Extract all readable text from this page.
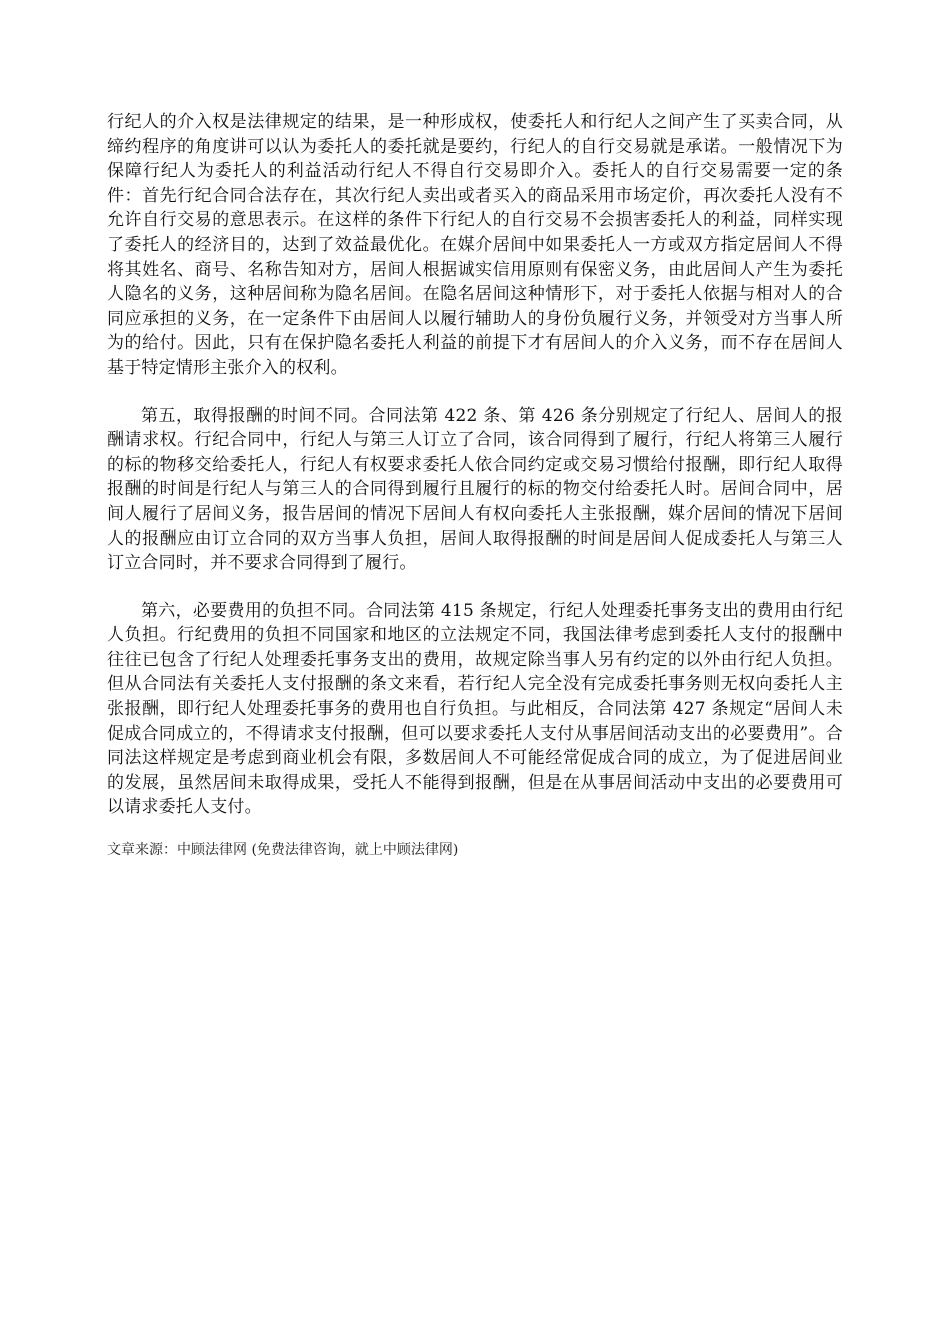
行纪人的介入权是法律规定的结果，是一种形成权，使委托人和行纪人之间产生了买卖合同，从缔约程序的角度讲可以认为委托人的委托就是要约，行纪人的自行交易就是承诺。一般情况下为保障行纪人为委托人的利益活动行纪人不得自行交易即介入。委托人的自行交易需要一定的条件：首先行纪合同合法存在，其次行纪人卖出或者买入的商品采用市场定价，再次委托人没有不允许自行交易的意思表示。在这样的条件下行纪人的自行交易不会损害委托人的利益，同样实现了委托人的经济目的，达到了效益最优化。在媒介居间中如果委托人一方或双方指定居间人不得将其姓名、商号、名称告知对方，居间人根据诚实信用原则有保密义务，由此居间人产生为委托人隐名的义务，这种居间称为隐名居间。在隐名居间这种情形下，对于委托人依据与相对人的合同应承担的义务，在一定条件下由居间人以履行辅助人的身份负履行义务，并领受对方当事人所为的给付。因此，只有在保护隐名委托人利益的前提下才有居间人的介入义务，而不存在居间人基于特定情形主张介入的权利。

第五，取得报酬的时间不同。合同法第 422 条、第 426 条分别规定了行纪人、居间人的报酬请求权。行纪合同中，行纪人与第三人订立了合同，该合同得到了履行，行纪人将第三人履行的标的物移交给委托人，行纪人有权要求委托人依合同约定或交易习惯给付报酬，即行纪人取得报酬的时间是行纪人与第三人的合同得到履行且履行的标的物交付给委托人时。居间合同中，居间人履行了居间义务，报告居间的情况下居间人有权向委托人主张报酬，媒介居间的情况下居间人的报酬应由订立合同的双方当事人负担，居间人取得报酬的时间是居间人促成委托人与第三人订立合同时，并不要求合同得到了履行。

第六，必要费用的负担不同。合同法第 415 条规定，行纪人处理委托事务支出的费用由行纪人负担。行纪费用的负担不同国家和地区的立法规定不同，我国法律考虑到委托人支付的报酬中往往已包含了行纪人处理委托事务支出的费用，故规定除当事人另有约定的以外由行纪人负担。但从合同法有关委托人支付报酬的条文来看，若行纪人完全没有完成委托事务则无权向委托人主张报酬，即行纪人处理委托事务的费用也自行负担。与此相反，合同法第 427 条规定“居间人未促成合同成立的，不得请求支付报酬，但可以要求委托人支付从事居间活动支出的必要费用”。合同法这样规定是考虑到商业机会有限，多数居间人不可能经常促成合同的成立，为了促进居间业的发展，虽然居间未取得成果，受托人不能得到报酬，但是在从事居间活动中支出的必要费用可以请求委托人支付。

文章来源：中顾法律网 (免费法律咨询，就上中顾法律网)
